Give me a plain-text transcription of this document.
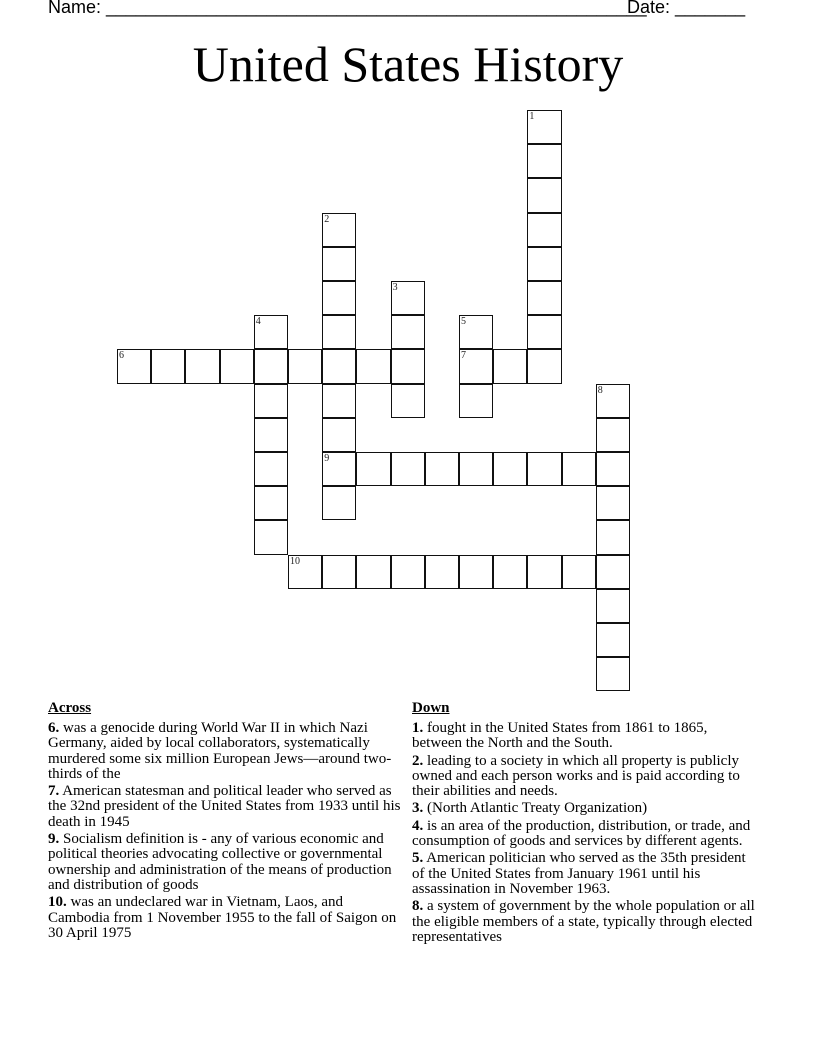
Name: ______________________________________________________
Date: _______
United States History
1
2
9
3
4	5
7
6
8
10
Across
6. was a genocide during World War II in which Nazi Germany, aided by local collaborators, systematically murdered some six million European Jews—around two-thirds of the
7. American statesman and political leader who served as the 32nd president of the United States from 1933 until his death in 1945
9. Socialism definition is - any of various economic and political theories advocating collective or governmental ownership and administration of the means of production and distribution of goods
10. was an undeclared war in Vietnam, Laos, and Cambodia from 1 November 1955 to the fall of Saigon on 30 April 1975
Down
1. fought in the United States from 1861 to 1865, between the North and the South.
2. leading to a society in which all property is publicly owned and each person works and is paid according to their abilities and needs.
3. (North Atlantic Treaty Organization)
4. is an area of the production, distribution, or trade, and consumption of goods and services by different agents.
5. American politician who served as the 35th president of the United States from January 1961 until his assassination in November 1963.
8. a system of government by the whole population or all the eligible members of a state, typically through elected representatives
